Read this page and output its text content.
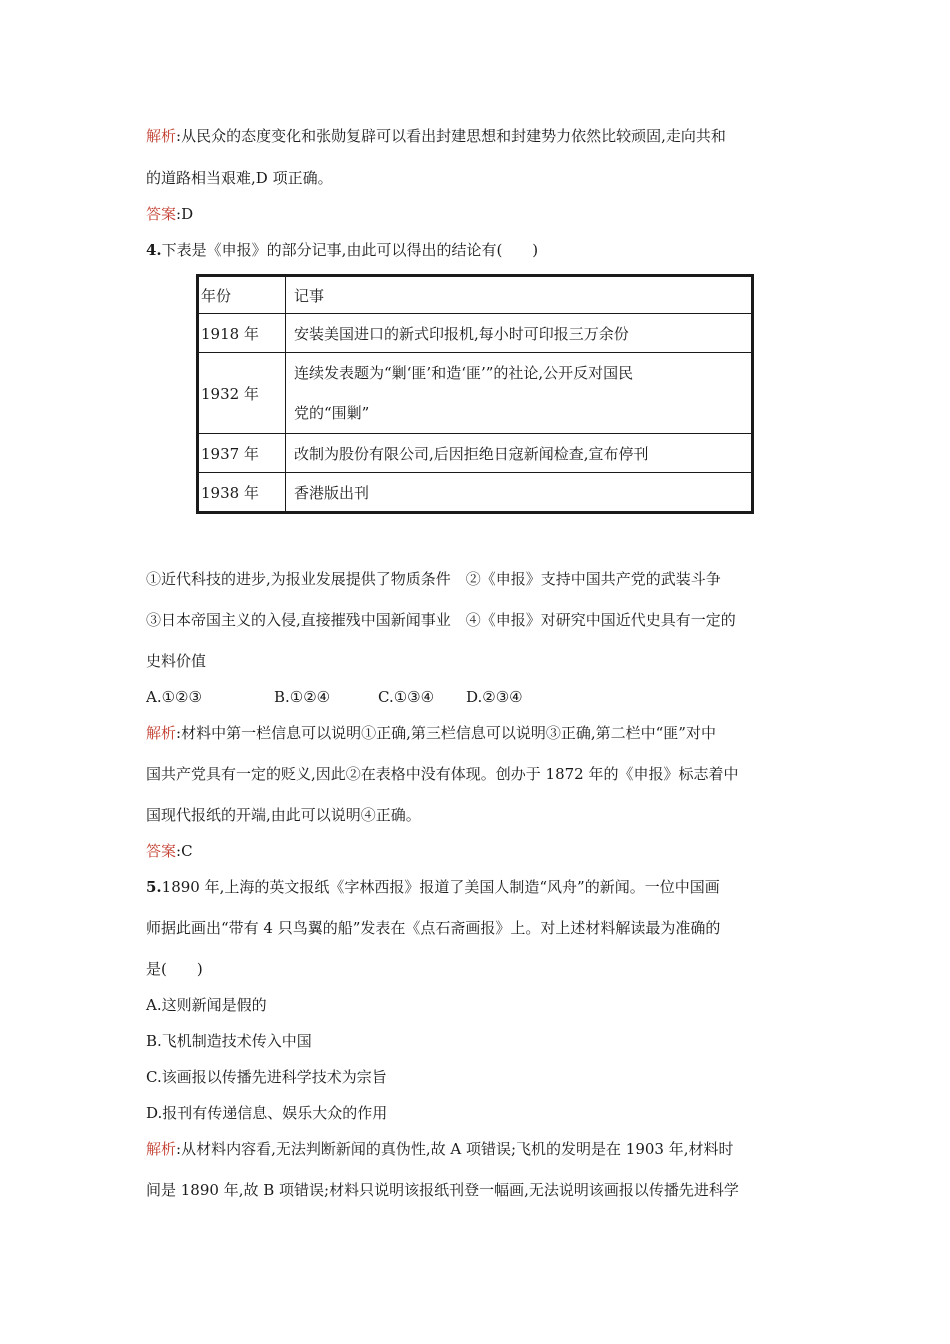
解析:从民众的态度变化和张勋复辟可以看出封建思想和封建势力依然比较顽固,走向共和
的道路相当艰难,D 项正确。
答案:D
4.下表是《申报》的部分记事,由此可以得出的结论有(　　)
年份	记事
1918 年	安装美国进口的新式印报机,每小时可印报三万余份
1932 年	连续发表题为“剿‘匪’和造‘匪’”的社论,公开反对国民
党的“围剿”

1937 年	改制为股份有限公司,后因拒绝日寇新闻检查,宣布停刊
1938 年	香港版出刊
①近代科技的进步,为报业发展提供了物质条件　②《申报》支持中国共产党的武装斗争
③日本帝国主义的入侵,直接摧残中国新闻事业　④《申报》对研究中国近代史具有一定的
史料价值
A.①②③	B.①②④	C.①③④ D.②③④
解析:材料中第一栏信息可以说明①正确,第三栏信息可以说明③正确,第二栏中“匪”对中
国共产党具有一定的贬义,因此②在表格中没有体现。创办于 1872 年的《申报》标志着中
国现代报纸的开端,由此可以说明④正确。
答案:C
5.1890 年,上海的英文报纸《字林西报》报道了美国人制造“风舟”的新闻。一位中国画
师据此画出“带有 4 只鸟翼的船”发表在《点石斋画报》上。对上述材料解读最为准确的
是(　　)
A.这则新闻是假的
B.飞机制造技术传入中国
C.该画报以传播先进科学技术为宗旨
D.报刊有传递信息、娱乐大众的作用
解析:从材料内容看,无法判断新闻的真伪性,故 A 项错误;飞机的发明是在 1903 年,材料时
间是 1890 年,故 B 项错误;材料只说明该报纸刊登一幅画,无法说明该画报以传播先进科学
